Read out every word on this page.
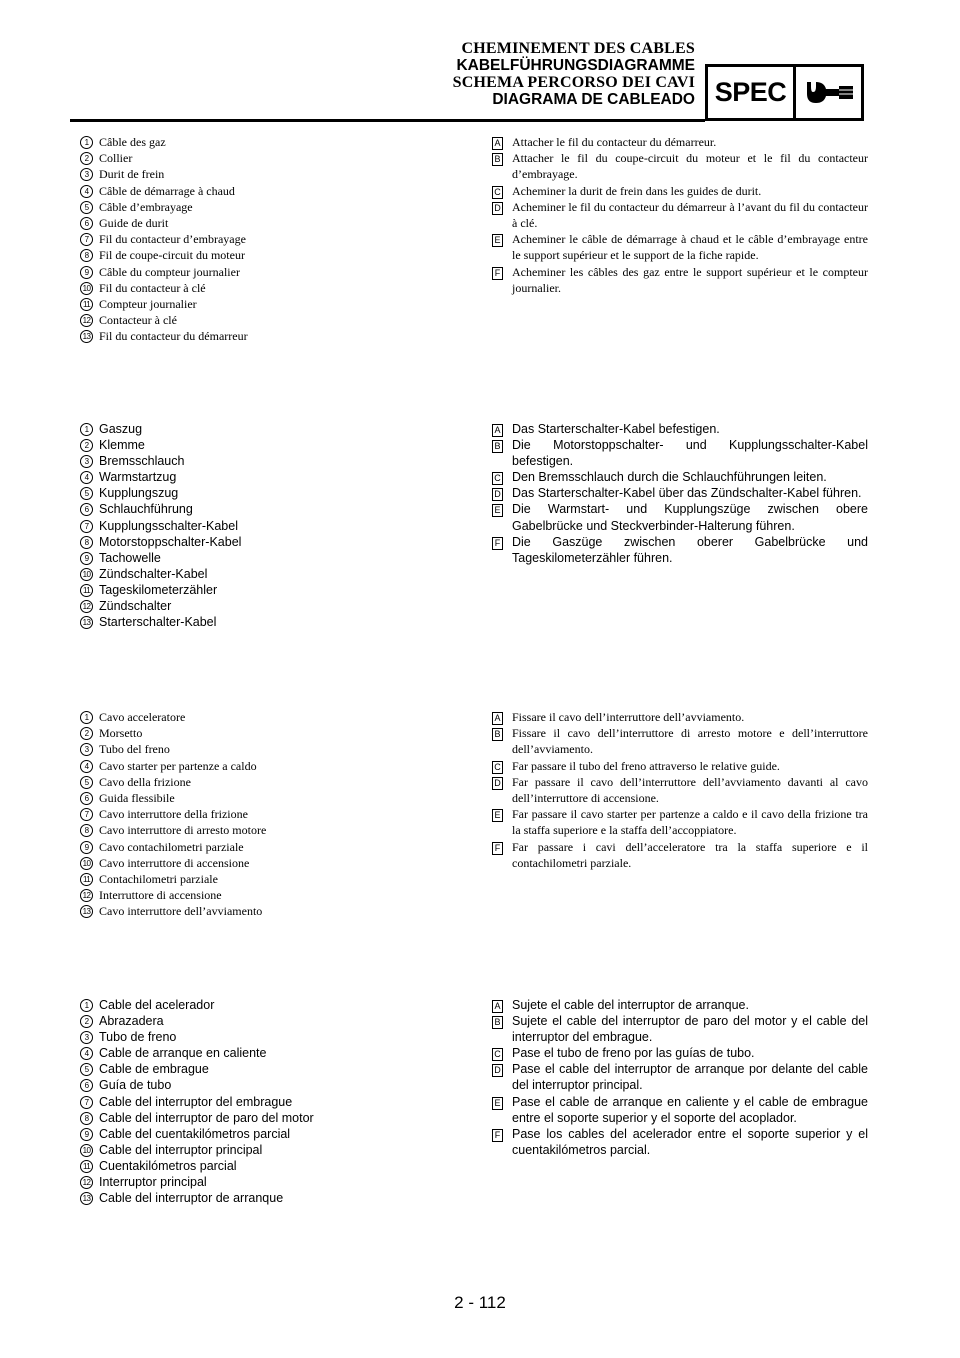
CHEMINEMENT DES CABLES
KABELFÜHRUNGSDIAGRAMME
SCHEMA PERCORSO DEI CAVI
DIAGRAMA DE CABLEADO SPEC
1 Câble des gaz
2 Collier
3 Durit de frein
4 Câble de démarrage à chaud
5 Câble d’embrayage
6 Guide de durit
7 Fil du contacteur d’embrayage
8 Fil de coupe-circuit du moteur
9 Câble du compteur journalier
10 Fil du contacteur à clé
11 Compteur journalier
12 Contacteur à clé
13 Fil du contacteur du démarreur
A Attacher le fil du contacteur du démarreur.
B Attacher le fil du coupe-circuit du moteur et le fil du contacteur d’embrayage.
C Acheminer la durit de frein dans les guides de durit.
D Acheminer le fil du contacteur du démarreur à l’avant du fil du contacteur à clé.
E Acheminer le câble de démarrage à chaud et le câble d’embrayage entre le support supérieur et le support de la fiche rapide.
F Acheminer les câbles des gaz entre le support supérieur et le compteur journalier.
1 Gaszug
2 Klemme
3 Bremsschlauch
4 Warmstartzug
5 Kupplungszug
6 Schlauchführung
7 Kupplungsschalter-Kabel
8 Motorstoppschalter-Kabel
9 Tachowelle
10 Zündschalter-Kabel
11 Tageskilometerzähler
12 Zündschalter
13 Starterschalter-Kabel
A Das Starterschalter-Kabel befestigen.
B Die Motorstoppschalter- und Kupplungsschalter-Kabel befestigen.
C Den Bremsschlauch durch die Schlauchführungen leiten.
D Das Starterschalter-Kabel über das Zündschalter-Kabel führen.
E Die Warmstart- und Kupplungszüge zwischen obere Gabelbrücke und Steckverbinder-Halterung führen.
F Die Gaszüge zwischen oberer Gabelbrücke und Tageskilometerzähler führen.
1 Cavo acceleratore
2 Morsetto
3 Tubo del freno
4 Cavo starter per partenze a caldo
5 Cavo della frizione
6 Guida flessibile
7 Cavo interruttore della frizione
8 Cavo interruttore di arresto motore
9 Cavo contachilometri parziale
10 Cavo interruttore di accensione
11 Contachilometri parziale
12 Interruttore di accensione
13 Cavo interruttore dell’avviamento
A Fissare il cavo dell’interruttore dell’avviamento.
B Fissare il cavo dell’interruttore di arresto motore e dell’interruttore dell’avviamento.
C Far passare il tubo del freno attraverso le relative guide.
D Far passare il cavo dell’interruttore dell’avviamento davanti al cavo dell’interruttore di accensione.
E Far passare il cavo starter per partenze a caldo e il cavo della frizione tra la staffa superiore e la staffa dell’accoppiatore.
F Far passare i cavi dell’acceleratore tra la staffa superiore e il contachilometri parziale.
1 Cable del acelerador
2 Abrazadera
3 Tubo de freno
4 Cable de arranque en caliente
5 Cable de embrague
6 Guía de tubo
7 Cable del interruptor del embrague
8 Cable del interruptor de paro del motor
9 Cable del cuentakilómetros parcial
10 Cable del interruptor principal
11 Cuentakilómetros parcial
12 Interruptor principal
13 Cable del interruptor de arranque
A Sujete el cable del interruptor de arranque.
B Sujete el cable del interruptor de paro del motor y el cable del interruptor del embrague.
C Pase el tubo de freno por las guías de tubo.
D Pase el cable del interruptor de arranque por delante del cable del interruptor principal.
E Pase el cable de arranque en caliente y el cable de embrague entre el soporte superior y el soporte del acoplador.
F Pase los cables del acelerador entre el soporte superior y el cuentakilómetros parcial.
2 - 112
